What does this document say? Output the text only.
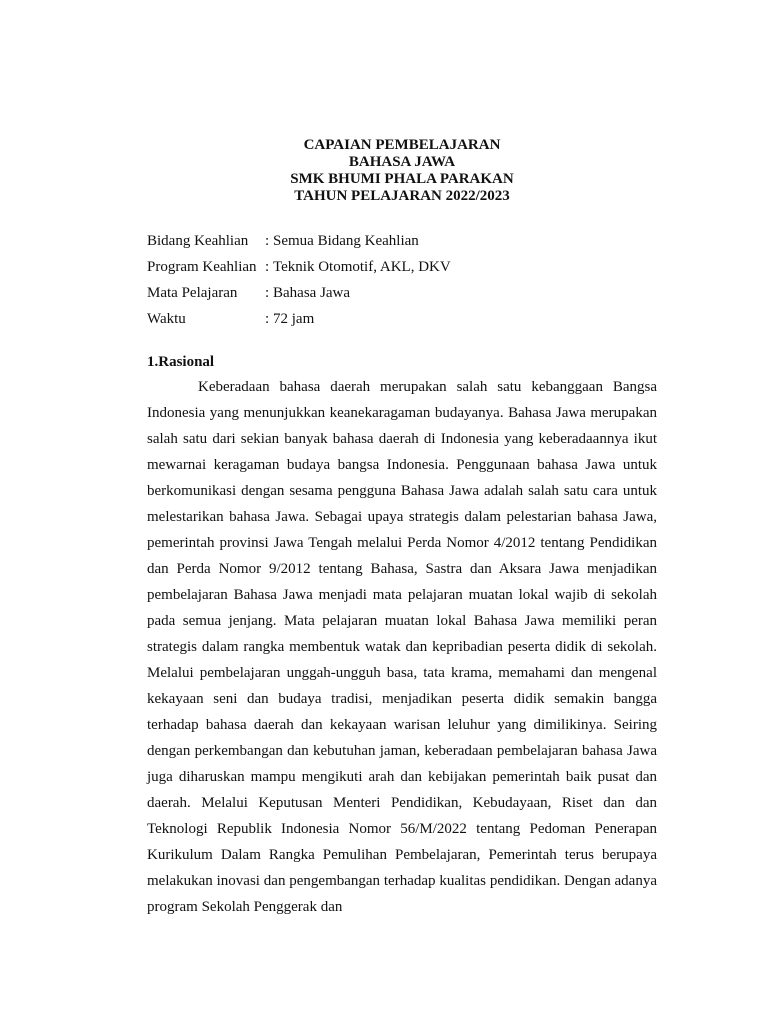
CAPAIAN PEMBELAJARAN
BAHASA JAWA
SMK BHUMI PHALA PARAKAN
TAHUN PELAJARAN 2022/2023
Bidang Keahlian	: Semua Bidang Keahlian
Program Keahlian : Teknik Otomotif, AKL, DKV
Mata Pelajaran	: Bahasa Jawa
Waktu	: 72 jam
1.Rasional

Keberadaan bahasa daerah merupakan salah satu kebanggaan Bangsa Indonesia yang menunjukkan keanekaragaman budayanya. Bahasa Jawa merupakan salah satu dari sekian banyak bahasa daerah di Indonesia yang keberadaannya ikut mewarnai keragaman budaya bangsa Indonesia. Penggunaan bahasa Jawa untuk berkomunikasi dengan sesama pengguna Bahasa Jawa adalah salah satu cara untuk melestarikan bahasa Jawa. Sebagai upaya strategis dalam pelestarian bahasa Jawa, pemerintah provinsi Jawa Tengah melalui Perda Nomor 4/2012 tentang Pendidikan dan Perda Nomor 9/2012 tentang Bahasa, Sastra dan Aksara Jawa menjadikan pembelajaran Bahasa Jawa menjadi mata pelajaran muatan lokal wajib di sekolah pada semua jenjang. Mata pelajaran muatan lokal Bahasa Jawa memiliki peran strategis dalam rangka membentuk watak dan kepribadian peserta didik di sekolah. Melalui pembelajaran unggah-ungguh basa, tata krama, memahami dan mengenal kekayaan seni dan budaya tradisi, menjadikan peserta didik semakin bangga terhadap bahasa daerah dan kekayaan warisan leluhur yang dimilikinya. Seiring dengan perkembangan dan kebutuhan jaman, keberadaan pembelajaran bahasa Jawa juga diharuskan mampu mengikuti arah dan kebijakan pemerintah baik pusat dan daerah. Melalui Keputusan Menteri Pendidikan, Kebudayaan, Riset dan dan Teknologi Republik Indonesia Nomor 56/M/2022 tentang Pedoman Penerapan Kurikulum Dalam Rangka Pemulihan Pembelajaran, Pemerintah terus berupaya melakukan inovasi dan pengembangan terhadap kualitas pendidikan. Dengan adanya program Sekolah Penggerak dan
